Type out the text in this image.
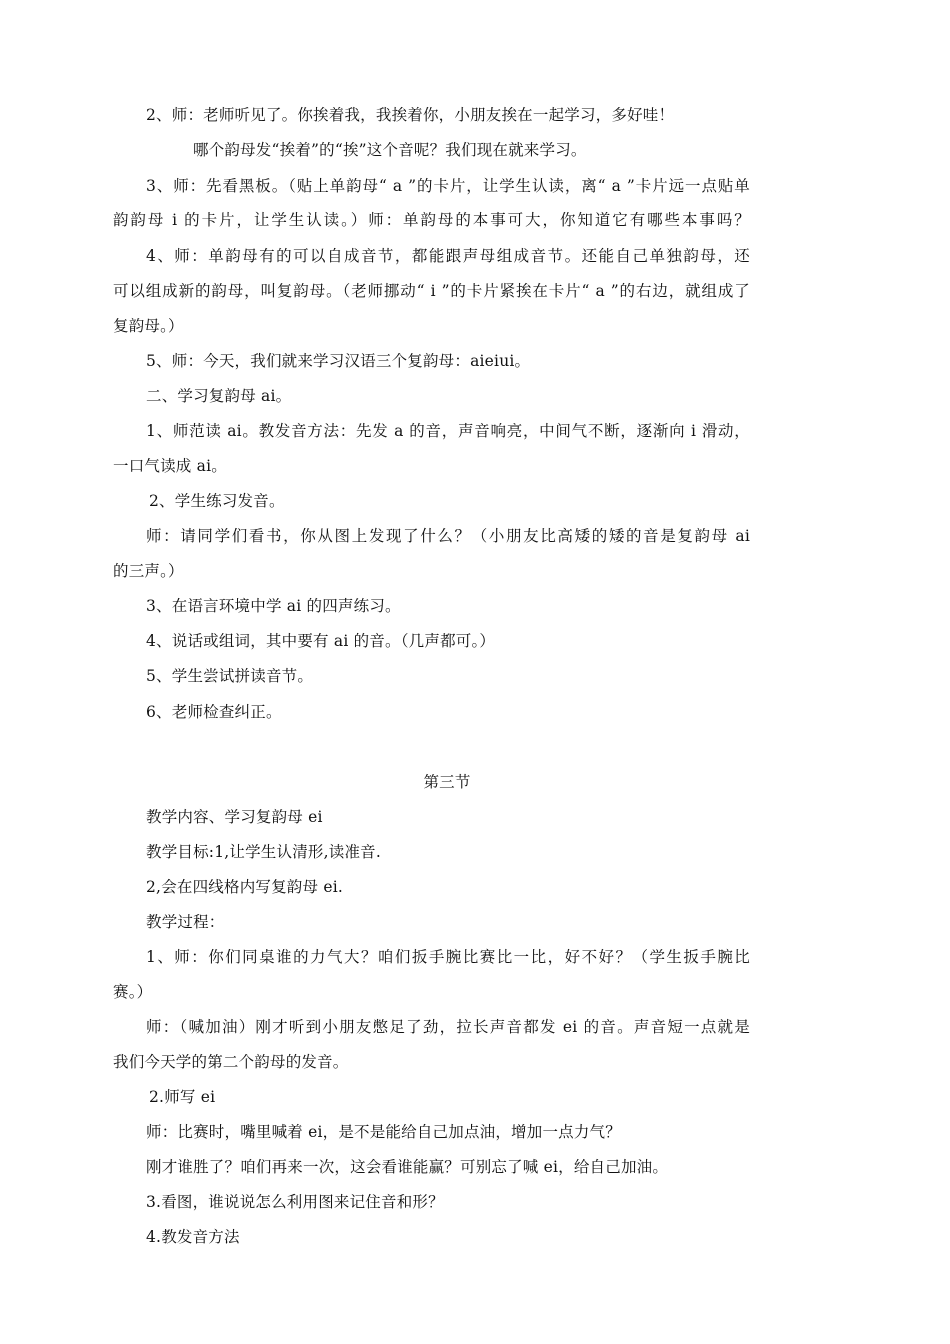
2、师：老师听见了。你挨着我，我挨着你，小朋友挨在一起学习，多好哇！
哪个韵母发“挨着”的“挨”这个音呢？我们现在就来学习。
3、师：先看黑板。（贴上单韵母“ a ”的卡片，让学生认读，离“ a ”卡片远一点贴单
韵韵母 i 的卡片，让学生认读。）师：单韵母的本事可大，你知道它有哪些本事吗？
4、师：单韵母有的可以自成音节，都能跟声母组成音节。还能自己单独韵母，还
可以组成新的韵母，叫复韵母。（老师挪动“ i ”的卡片紧挨在卡片“ a ”的右边，就组成了
复韵母。）
5、师：今天，我们就来学习汉语三个复韵母：aieiui。
二、学习复韵母 ai。
1、师范读 ai。教发音方法：先发 a 的音，声音响亮，中间气不断，逐渐向 i 滑动，
一口气读成 ai。
2、学生练习发音。
师：请同学们看书，你从图上发现了什么？（小朋友比高矮的矮的音是复韵母 ai
的三声。）
3、在语言环境中学 ai 的四声练习。
4、说话或组词，其中要有 ai 的音。（几声都可。）
5、学生尝试拼读音节。
6、老师检查纠正。
第三节
教学内容、学习复韵母 ei
教学目标:1,让学生认清形,读准音.
2,会在四线格内写复韵母 ei.
教学过程：
1、师：你们同桌谁的力气大？咱们扳手腕比赛比一比，好不好？（学生扳手腕比
赛。）
师：（喊加油）刚才听到小朋友憋足了劲，拉长声音都发 ei 的音。声音短一点就是
我们今天学的第二个韵母的发音。
2.师写 ei
师：比赛时，嘴里喊着 ei，是不是能给自己加点油，增加一点力气？
刚才谁胜了？咱们再来一次，这会看谁能赢？可别忘了喊 ei，给自己加油。
3.看图，谁说说怎么利用图来记住音和形？
4.教发音方法
